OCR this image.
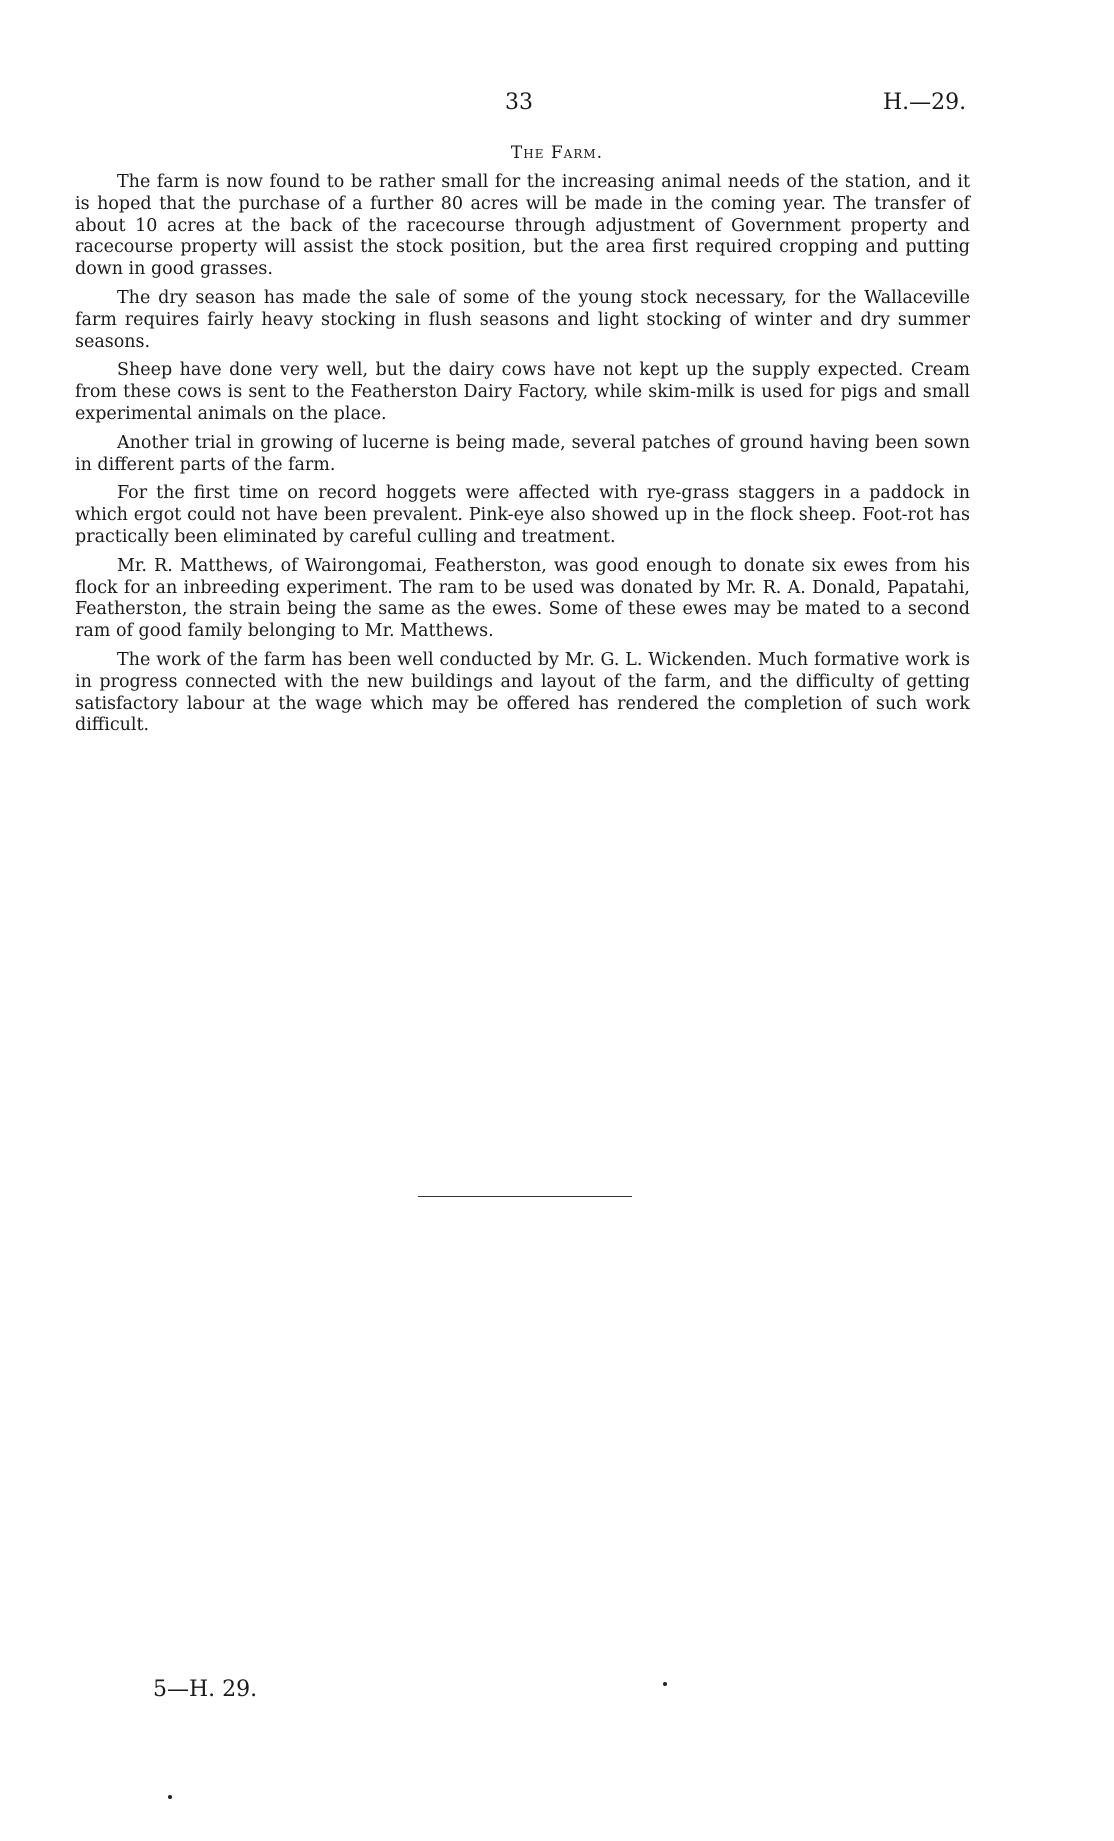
33	H.—29.
The Farm.

The farm is now found to be rather small for the increasing animal needs of the station, and it is hoped that the purchase of a further 80 acres will be made in the coming year. The transfer of about 10 acres at the back of the racecourse through adjustment of Government property and racecourse property will assist the stock position, but the area first required cropping and putting down in good grasses.

The dry season has made the sale of some of the young stock necessary, for the Wallaceville farm requires fairly heavy stocking in flush seasons and light stocking of winter and dry summer seasons.

Sheep have done very well, but the dairy cows have not kept up the supply expected. Cream from these cows is sent to the Featherston Dairy Factory, while skim-milk is used for pigs and small experimental animals on the place.

Another trial in growing of lucerne is being made, several patches of ground having been sown in different parts of the farm.

For the first time on record hoggets were affected with rye-grass staggers in a paddock in which ergot could not have been prevalent. Pink-eye also showed up in the flock sheep. Foot-rot has practically been eliminated by careful culling and treatment.

Mr. R. Matthews, of Wairongomai, Featherston, was good enough to donate six ewes from his flock for an inbreeding experiment. The ram to be used was donated by Mr. R. A. Donald, Papatahi, Featherston, the strain being the same as the ewes. Some of these ewes may be mated to a second ram of good family belonging to Mr. Matthews.

The work of the farm has been well conducted by Mr. G. L. Wickenden. Much formative work is in progress connected with the new buildings and layout of the farm, and the difficulty of getting satisfactory labour at the wage which may be offered has rendered the completion of such work difficult.

5—H. 29.
